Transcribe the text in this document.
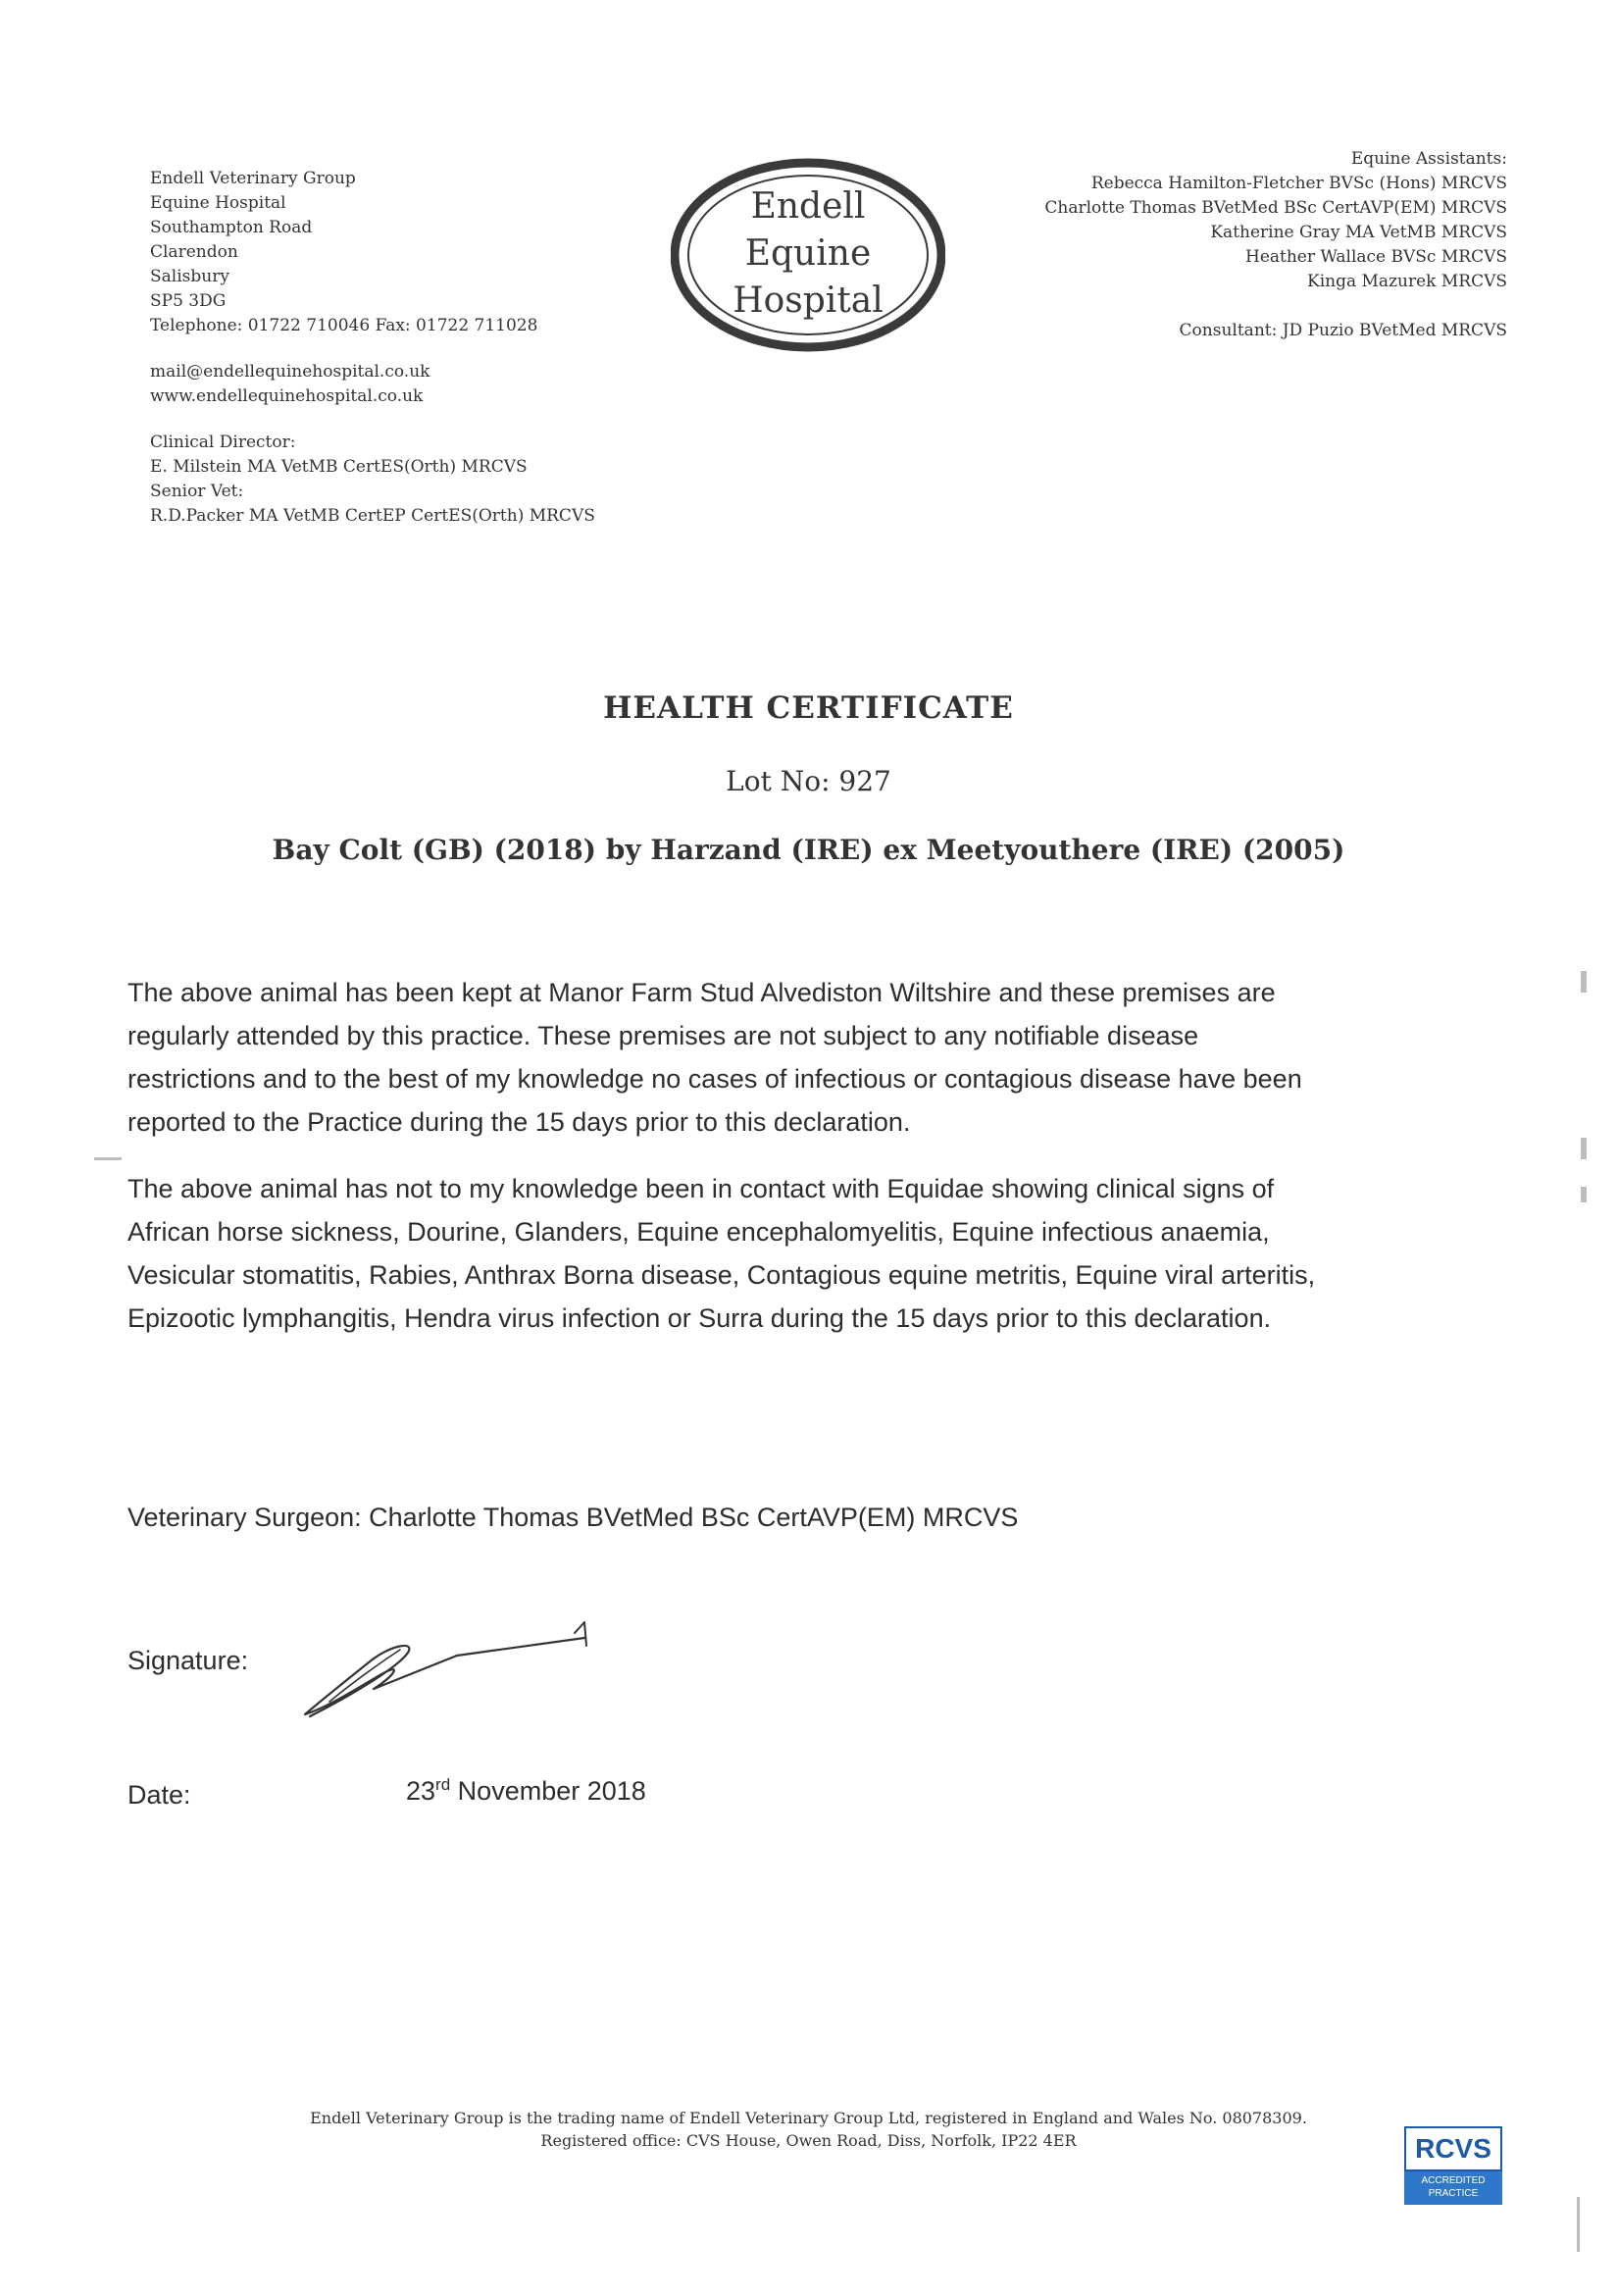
Endell Veterinary Group
Equine Hospital
Southampton Road
Clarendon
Salisbury
SP5 3DG
Telephone: 01722 710046 Fax: 01722 711028
mail@endellequinehospital.co.uk
www.endellequinehospital.co.uk
Clinical Director:
E. Milstein MA VetMB CertES(Orth) MRCVS
Senior Vet:
R.D.Packer MA VetMB CertEP CertES(Orth) MRCVS
Endell
Equine
Hospital
Equine Assistants:
Rebecca Hamilton-Fletcher BVSc (Hons) MRCVS
Charlotte Thomas BVetMed BSc CertAVP(EM) MRCVS
Katherine Gray MA VetMB MRCVS
Heather Wallace BVSc MRCVS
Kinga Mazurek MRCVS
Consultant: JD Puzio BVetMed MRCVS
HEALTH CERTIFICATE
Lot No: 927
Bay Colt (GB) (2018) by Harzand (IRE) ex Meetyouthere (IRE) (2005)
The above animal has been kept at Manor Farm Stud Alvediston Wiltshire and these premises are
regularly attended by this practice. These premises are not subject to any notifiable disease
restrictions and to the best of my knowledge no cases of infectious or contagious disease have been
reported to the Practice during the 15 days prior to this declaration.
The above animal has not to my knowledge been in contact with Equidae showing clinical signs of
African horse sickness, Dourine, Glanders, Equine encephalomyelitis, Equine infectious anaemia,
Vesicular stomatitis, Rabies, Anthrax Borna disease, Contagious equine metritis, Equine viral arteritis,
Epizootic lymphangitis, Hendra virus infection or Surra during the 15 days prior to this declaration.
Veterinary Surgeon: Charlotte Thomas BVetMed BSc CertAVP(EM) MRCVS
Signature:
Date:	23rd November 2018
Endell Veterinary Group is the trading name of Endell Veterinary Group Ltd, registered in England and Wales No. 08078309.
Registered office: CVS House, Owen Road, Diss, Norfolk, IP22 4ER	RCVS
ACCREDITED PRACTICE
